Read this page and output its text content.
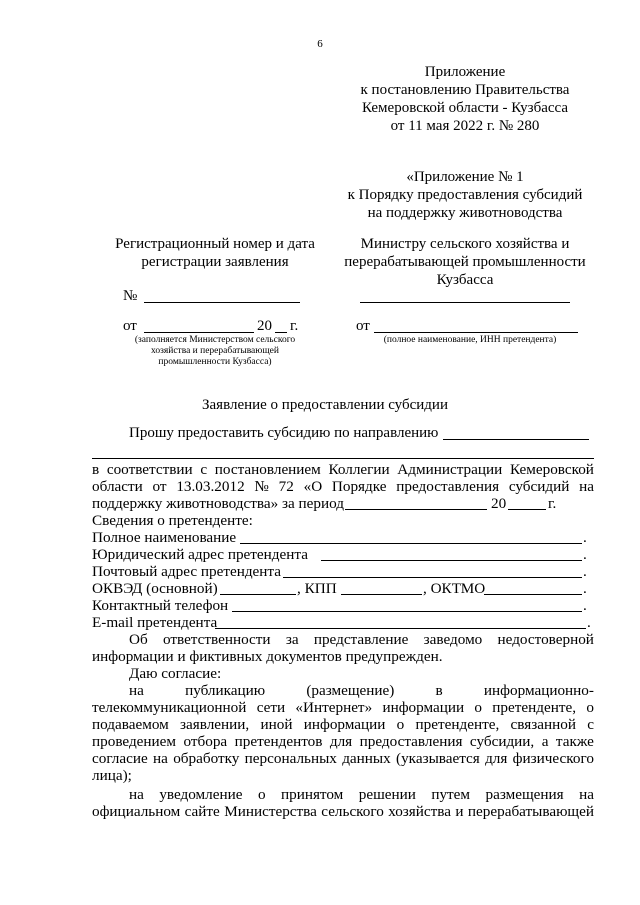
6
Приложение
к постановлению Правительства
Кемеровской области - Кузбасса
от 11 мая 2022 г. № 280
«Приложение № 1
к Порядку предоставления субсидий
на поддержку животноводства
Регистрационный номер и дата
регистрации заявления
№
от	20 г.
(заполняется Министерством сельского
хозяйства и перерабатывающей
промышленности Кузбасса)
Министру сельского хозяйства и
перерабатывающей промышленности
Кузбасса
от
(полное наименование, ИНН претендента)
Заявление о предоставлении субсидии
Прошу предоставить субсидию по направлению
в соответствии с постановлением Коллегии Администрации Кемеровской
области от 13.03.2012 № 72 «О Порядке предоставления субсидий на
поддержку животноводства» за период	20	г.
Сведения о претенденте:
Полное наименование	.
Юридический адрес претендента	.
Почтовый адрес претендента	.
ОКВЭД (основной)	, КПП	, ОКТМО	.
Контактный телефон	.
E-mail претендента	.
Об ответственности за представление заведомо недостоверной
информации и фиктивных документов предупрежден.
Даю согласие:
на	публикацию	(размещение)	в	информационно-
телекоммуникационной сети «Интернет» информации о претенденте, о
подаваемом заявлении, иной информации о претенденте, связанной с
проведением отбора претендентов для предоставления субсидии, а также
согласие на обработку персональных данных (указывается для физического
лица);
на уведомление о принятом решении путем размещения на
официальном сайте Министерства сельского хозяйства и перерабатывающей
